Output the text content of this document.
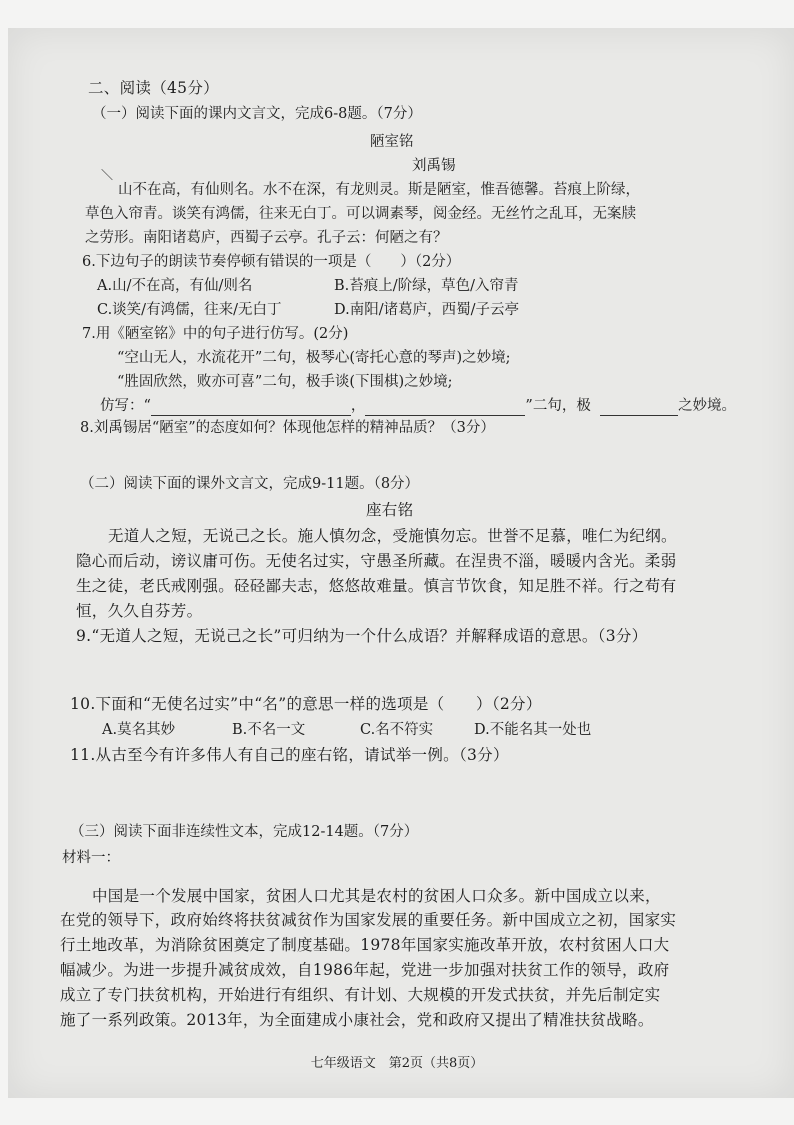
二、阅读（45分）
（一）阅读下面的课内文言文，完成6-8题。（7分）
陋室铭
＼
刘禹锡
山不在高，有仙则名。水不在深，有龙则灵。斯是陋室，惟吾德馨。苔痕上阶绿，
草色入帘青。谈笑有鸿儒，往来无白丁。可以调素琴，阅金经。无丝竹之乱耳，无案牍
之劳形。南阳诸葛庐，西蜀子云亭。孔子云：何陋之有？
6.下边句子的朗读节奏停顿有错误的一项是（　　）（2分）
A.山/不在高，有仙/则名	B.苔痕上/阶绿，草色/入帘青
C.谈笑/有鸿儒，往来/无白丁	D.南阳/诸葛庐，西蜀/子云亭
7.用《陋室铭》中的句子进行仿写。(2分)
“空山无人，水流花开”二句，极琴心(寄托心意的琴声)之妙境;
“胜固欣然，败亦可喜”二句，极手谈(下围棋)之妙境;
仿写：“	，	”二句，极	之妙境。
8.刘禹锡居“陋室”的态度如何？体现他怎样的精神品质？（3分）
（二）阅读下面的课外文言文，完成9-11题。（8分）
座右铭
无道人之短，无说己之长。施人慎勿念，受施慎勿忘。世誉不足慕，唯仁为纪纲。
隐心而后动，谤议庸可伤。无使名过实，守愚圣所藏。在涅贵不淄，暖暖内含光。柔弱
生之徒，老氏戒刚强。硁硁鄙夫志，悠悠故难量。慎言节饮食，知足胜不祥。行之苟有
恒，久久自芬芳。
9.“无道人之短，无说己之长”可归纳为一个什么成语？并解释成语的意思。（3分）
10.下面和“无使名过实”中“名”的意思一样的选项是（　　）（2分）
A.莫名其妙	B.不名一文	C.名不符实	D.不能名其一处也
11.从古至今有许多伟人有自己的座右铭，请试举一例。（3分）
（三）阅读下面非连续性文本，完成12-14题。（7分）
材料一：
中国是一个发展中国家，贫困人口尤其是农村的贫困人口众多。新中国成立以来，
在党的领导下，政府始终将扶贫减贫作为国家发展的重要任务。新中国成立之初，国家实
行土地改革，为消除贫困奠定了制度基础。1978年国家实施改革开放，农村贫困人口大
幅减少。为进一步提升减贫成效，自1986年起，党进一步加强对扶贫工作的领导，政府
成立了专门扶贫机构，开始进行有组织、有计划、大规模的开发式扶贫，并先后制定实
施了一系列政策。2013年，为全面建成小康社会，党和政府又提出了精准扶贫战略。
七年级语文　第2页（共8页）
